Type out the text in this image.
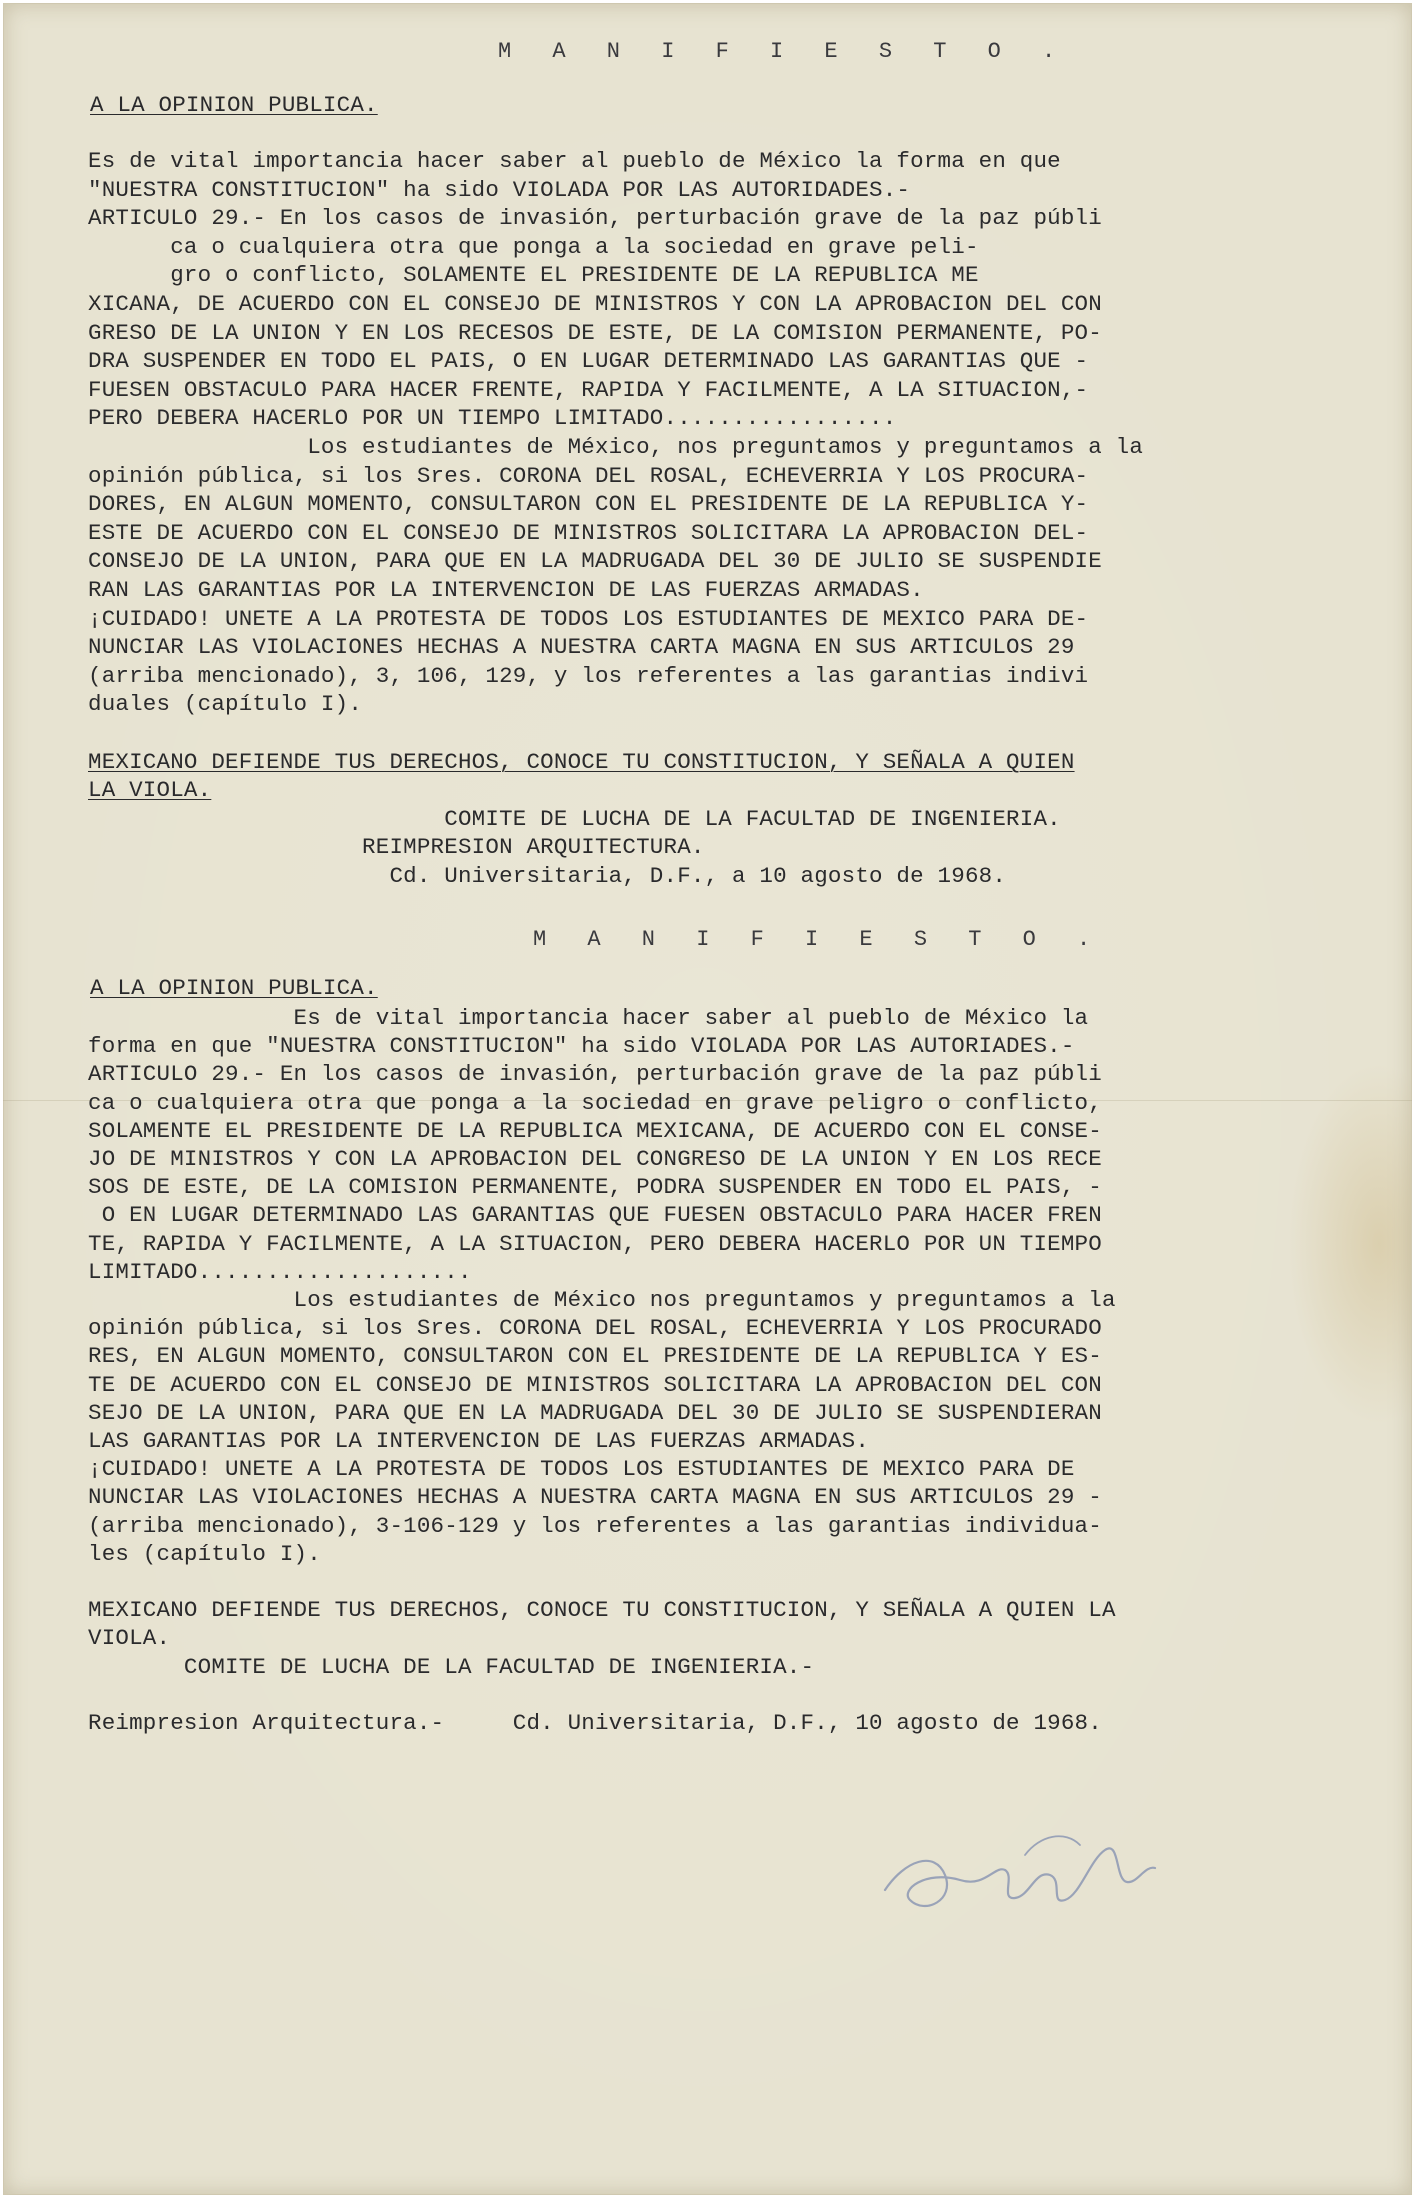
M A N I F I E S T O .
A LA OPINION PUBLICA.
Es de vital importancia hacer saber al pueblo de México la forma en que
"NUESTRA CONSTITUCION" ha sido VIOLADA POR LAS AUTORIDADES.-
ARTICULO 29.- En los casos de invasión, perturbación grave de la paz públi
ca o cualquiera otra que ponga a la sociedad en grave peli-
gro o conflicto, SOLAMENTE EL PRESIDENTE DE LA REPUBLICA ME
XICANA, DE ACUERDO CON EL CONSEJO DE MINISTROS Y CON LA APROBACION DEL CON
GRESO DE LA UNION Y EN LOS RECESOS DE ESTE, DE LA COMISION PERMANENTE, PO-
DRA SUSPENDER EN TODO EL PAIS, O EN LUGAR DETERMINADO LAS GARANTIAS QUE -
FUESEN OBSTACULO PARA HACER FRENTE, RAPIDA Y FACILMENTE, A LA SITUACION,-
PERO DEBERA HACERLO POR UN TIEMPO LIMITADO.................
Los estudiantes de México, nos preguntamos y preguntamos a la
opinión pública, si los Sres. CORONA DEL ROSAL, ECHEVERRIA Y LOS PROCURA-
DORES, EN ALGUN MOMENTO, CONSULTARON CON EL PRESIDENTE DE LA REPUBLICA Y-
ESTE DE ACUERDO CON EL CONSEJO DE MINISTROS SOLICITARA LA APROBACION DEL-
CONSEJO DE LA UNION, PARA QUE EN LA MADRUGADA DEL 30 DE JULIO SE SUSPENDIE
RAN LAS GARANTIAS POR LA INTERVENCION DE LAS FUERZAS ARMADAS.
¡CUIDADO! UNETE A LA PROTESTA DE TODOS LOS ESTUDIANTES DE MEXICO PARA DE-
NUNCIAR LAS VIOLACIONES HECHAS A NUESTRA CARTA MAGNA EN SUS ARTICULOS 29
(arriba mencionado), 3, 106, 129, y los referentes a las garantias indivi
duales (capítulo I).
MEXICANO DEFIENDE TUS DERECHOS, CONOCE TU CONSTITUCION, Y SEÑALA A QUIEN
LA VIOLA.
COMITE DE LUCHA DE LA FACULTAD DE INGENIERIA.
REIMPRESION ARQUITECTURA.
Cd. Universitaria, D.F., a 10 agosto de 1968.
M A N I F I E S T O .
A LA OPINION PUBLICA.
Es de vital importancia hacer saber al pueblo de México la
forma en que "NUESTRA CONSTITUCION" ha sido VIOLADA POR LAS AUTORIADES.-
ARTICULO 29.- En los casos de invasión, perturbación grave de la paz públi
ca o cualquiera otra que ponga a la sociedad en grave peligro o conflicto,
SOLAMENTE EL PRESIDENTE DE LA REPUBLICA MEXICANA, DE ACUERDO CON EL CONSE-
JO DE MINISTROS Y CON LA APROBACION DEL CONGRESO DE LA UNION Y EN LOS RECE
SOS DE ESTE, DE LA COMISION PERMANENTE, PODRA SUSPENDER EN TODO EL PAIS, -
O EN LUGAR DETERMINADO LAS GARANTIAS QUE FUESEN OBSTACULO PARA HACER FREN
TE, RAPIDA Y FACILMENTE, A LA SITUACION, PERO DEBERA HACERLO POR UN TIEMPO
LIMITADO....................
Los estudiantes de México nos preguntamos y preguntamos a la
opinión pública, si los Sres. CORONA DEL ROSAL, ECHEVERRIA Y LOS PROCURADO
RES, EN ALGUN MOMENTO, CONSULTARON CON EL PRESIDENTE DE LA REPUBLICA Y ES-
TE DE ACUERDO CON EL CONSEJO DE MINISTROS SOLICITARA LA APROBACION DEL CON
SEJO DE LA UNION, PARA QUE EN LA MADRUGADA DEL 30 DE JULIO SE SUSPENDIERAN
LAS GARANTIAS POR LA INTERVENCION DE LAS FUERZAS ARMADAS.
¡CUIDADO! UNETE A LA PROTESTA DE TODOS LOS ESTUDIANTES DE MEXICO PARA DE
NUNCIAR LAS VIOLACIONES HECHAS A NUESTRA CARTA MAGNA EN SUS ARTICULOS 29 -
(arriba mencionado), 3-106-129 y los referentes a las garantias individua-
les (capítulo I).
MEXICANO DEFIENDE TUS DERECHOS, CONOCE TU CONSTITUCION, Y SEÑALA A QUIEN LA
VIOLA.
COMITE DE LUCHA DE LA FACULTAD DE INGENIERIA.-
Reimpresion Arquitectura.-     Cd. Universitaria, D.F., 10 agosto de 1968.
